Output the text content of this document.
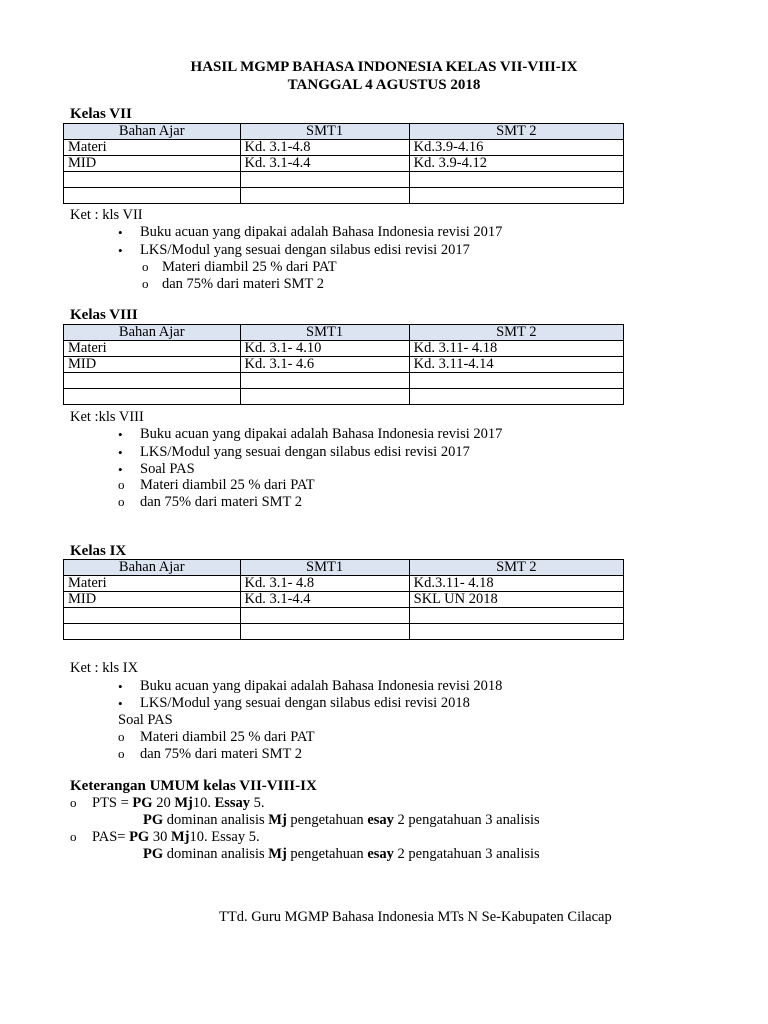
HASIL MGMP BAHASA INDONESIA KELAS VII-VIII-IX
TANGGAL 4 AGUSTUS 2018
Kelas VII
Bahan Ajar	SMT1	SMT 2
Materi	Kd. 3.1-4.8	Kd.3.9-4.16
MID	Kd. 3.1-4.4	Kd. 3.9-4.12

Ket : kls VII
• Buku acuan yang dipakai adalah Bahasa Indonesia revisi 2017
• LKS/Modul yang sesuai dengan silabus edisi revisi 2017
o Materi diambil 25 % dari PAT
o dan 75% dari materi SMT 2
Kelas VIII
Bahan Ajar	SMT1	SMT 2
Materi	Kd. 3.1- 4.10	Kd. 3.11- 4.18
MID	Kd. 3.1- 4.6	Kd. 3.11-4.14

Ket :kls VIII
• Buku acuan yang dipakai adalah Bahasa Indonesia revisi 2017
• LKS/Modul yang sesuai dengan silabus edisi revisi 2017
• Soal PAS
o Materi diambil 25 % dari PAT
o dan 75% dari materi SMT 2
Kelas IX
Bahan Ajar	SMT1	SMT 2
Materi	Kd. 3.1- 4.8	Kd.3.11- 4.18
MID	Kd. 3.1-4.4	SKL UN 2018

Ket : kls IX
• Buku acuan yang dipakai adalah Bahasa Indonesia revisi 2018
• LKS/Modul yang sesuai dengan silabus edisi revisi 2018
Soal PAS
o Materi diambil 25 % dari PAT
o dan 75% dari materi SMT 2
Keterangan UMUM kelas VII-VIII-IX
o PTS = PG 20 Mj10. Essay 5.
PG dominan analisis Mj pengetahuan esay 2 pengatahuan 3 analisis
o PAS= PG 30 Mj10. Essay 5.
PG dominan analisis Mj pengetahuan esay 2 pengatahuan 3 analisis
TTd. Guru MGMP Bahasa Indonesia MTs N Se-Kabupaten Cilacap
